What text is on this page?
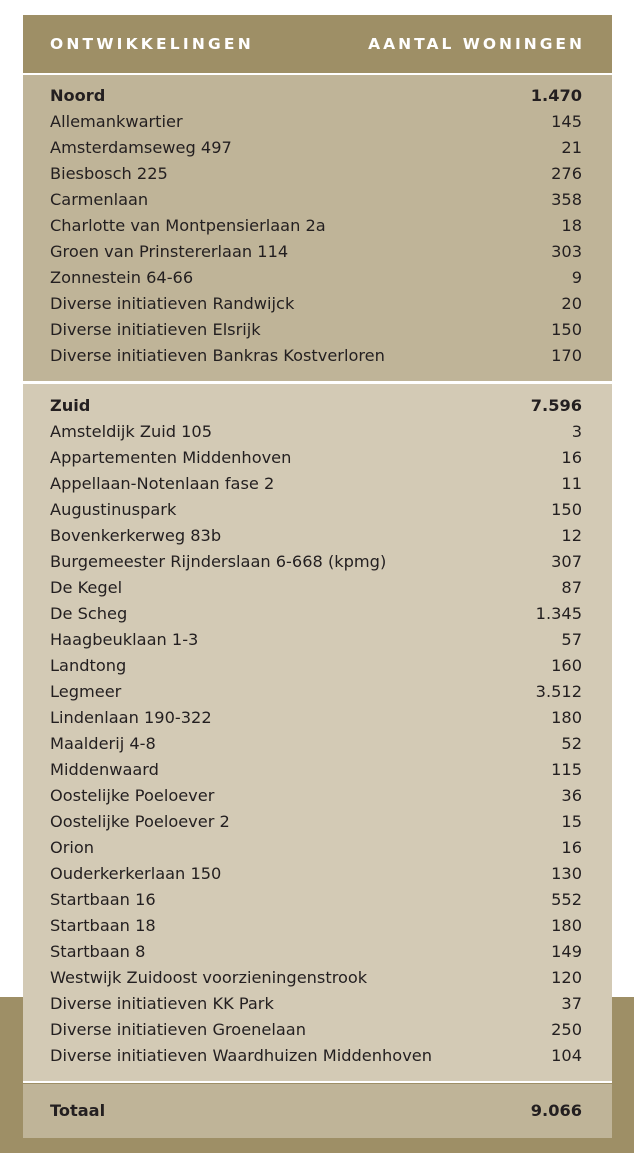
ONTWIKKELINGEN	AANTAL WONINGEN
Noord	1.470
Allemankwartier	145
Amsterdamseweg 497	21
Biesbosch 225	276
Carmenlaan	358
Charlotte van Montpensierlaan 2a	18
Groen van Prinstererlaan 114	303
Zonnestein 64-66	9
Diverse initiatieven Randwijck	20
Diverse initiatieven Elsrijk	150
Diverse initiatieven Bankras Kostverloren	170
Zuid	7.596
Amsteldijk Zuid 105	3
Appartementen Middenhoven	16
Appellaan-Notenlaan fase 2	11
Augustinuspark	150
Bovenkerkerweg 83b	12
Burgemeester Rijnderslaan 6-668 (kpmg)	307
De Kegel	87
De Scheg	1.345
Haagbeuklaan 1-3	57
Landtong	160
Legmeer	3.512
Lindenlaan 190-322	180
Maalderij 4-8	52
Middenwaard	115
Oostelijke Poeloever	36
Oostelijke Poeloever 2	15
Orion	16
Ouderkerkerlaan 150	130
Startbaan 16	552
Startbaan 18	180
Startbaan 8	149
Westwijk Zuidoost voorzieningenstrook	120
Diverse initiatieven KK Park	37
Diverse initiatieven Groenelaan	250
Diverse initiatieven Waardhuizen Middenhoven	104
Totaal	9.066
